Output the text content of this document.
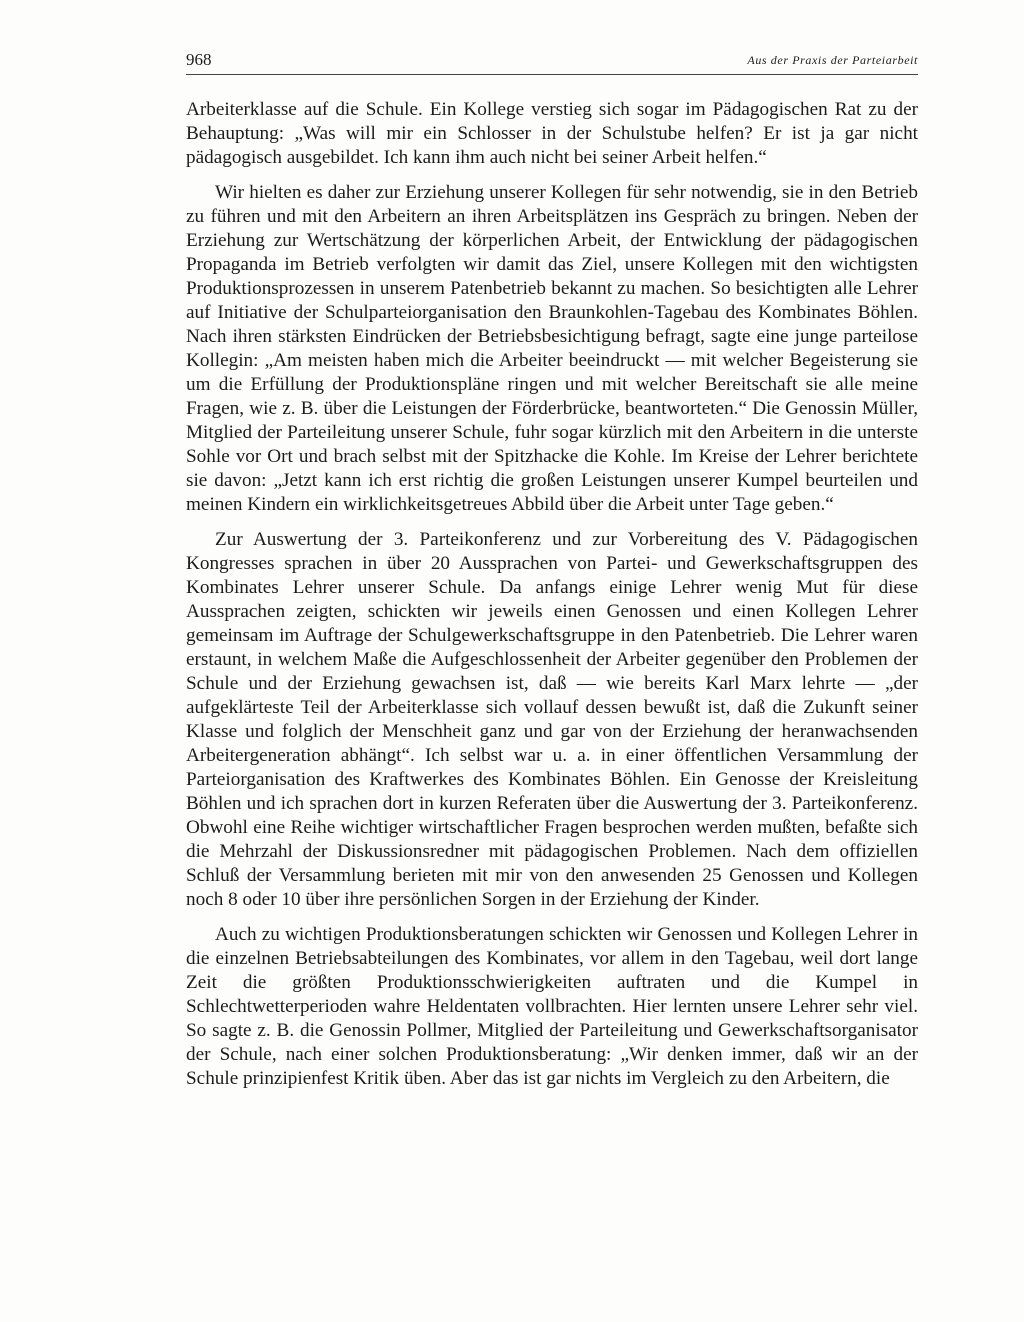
968	Aus der Praxis der Parteiarbeit

Arbeiterklasse auf die Schule. Ein Kollege verstieg sich sogar im Pädagogischen Rat zu der Behauptung: „Was will mir ein Schlosser in der Schulstube helfen? Er ist ja gar nicht pädagogisch ausgebildet. Ich kann ihm auch nicht bei seiner Arbeit helfen.“

Wir hielten es daher zur Erziehung unserer Kollegen für sehr notwendig, sie in den Betrieb zu führen und mit den Arbeitern an ihren Arbeitsplätzen ins Gespräch zu bringen. Neben der Erziehung zur Wertschätzung der körperlichen Arbeit, der Entwicklung der pädagogischen Propaganda im Betrieb verfolgten wir damit das Ziel, unsere Kollegen mit den wichtigsten Produktionsprozessen in unserem Patenbetrieb bekannt zu machen. So besichtigten alle Lehrer auf Initiative der Schulparteiorganisation den Braunkohlen-Tagebau des Kombinates Böhlen. Nach ihren stärksten Eindrücken der Betriebsbesichtigung befragt, sagte eine junge parteilose Kollegin: „Am meisten haben mich die Arbeiter beeindruckt — mit welcher Begeisterung sie um die Erfüllung der Produktionspläne ringen und mit welcher Bereitschaft sie alle meine Fragen, wie z. B. über die Leistungen der Förderbrücke, beantworteten.“ Die Genossin Müller, Mitglied der Parteileitung unserer Schule, fuhr sogar kürzlich mit den Arbeitern in die unterste Sohle vor Ort und brach selbst mit der Spitzhacke die Kohle. Im Kreise der Lehrer berichtete sie davon: „Jetzt kann ich erst richtig die großen Leistungen unserer Kumpel beurteilen und meinen Kindern ein wirklichkeitsgetreues Abbild über die Arbeit unter Tage geben.“

Zur Auswertung der 3. Parteikonferenz und zur Vorbereitung des V. Pädagogischen Kongresses sprachen in über 20 Aussprachen von Partei- und Gewerkschaftsgruppen des Kombinates Lehrer unserer Schule. Da anfangs einige Lehrer wenig Mut für diese Aussprachen zeigten, schickten wir jeweils einen Genossen und einen Kollegen Lehrer gemeinsam im Auftrage der Schulgewerkschaftsgruppe in den Patenbetrieb. Die Lehrer waren erstaunt, in welchem Maße die Aufgeschlossenheit der Arbeiter gegenüber den Problemen der Schule und der Erziehung gewachsen ist, daß — wie bereits Karl Marx lehrte — „der aufgeklärteste Teil der Arbeiterklasse sich vollauf dessen bewußt ist, daß die Zukunft seiner Klasse und folglich der Menschheit ganz und gar von der Erziehung der heranwachsenden Arbeitergeneration abhängt“. Ich selbst war u. a. in einer öffentlichen Versammlung der Parteiorganisation des Kraftwerkes des Kombinates Böhlen. Ein Genosse der Kreisleitung Böhlen und ich sprachen dort in kurzen Referaten über die Auswertung der 3. Parteikonferenz. Obwohl eine Reihe wichtiger wirtschaftlicher Fragen besprochen werden mußten, befaßte sich die Mehrzahl der Diskussionsredner mit pädagogischen Problemen. Nach dem offiziellen Schluß der Versammlung berieten mit mir von den anwesenden 25 Genossen und Kollegen noch 8 oder 10 über ihre persönlichen Sorgen in der Erziehung der Kinder.

Auch zu wichtigen Produktionsberatungen schickten wir Genossen und Kollegen Lehrer in die einzelnen Betriebsabteilungen des Kombinates, vor allem in den Tagebau, weil dort lange Zeit die größten Produktionsschwierigkeiten auftraten und die Kumpel in Schlechtwetterperioden wahre Heldentaten vollbrachten. Hier lernten unsere Lehrer sehr viel. So sagte z. B. die Genossin Pollmer, Mitglied der Parteileitung und Gewerkschaftsorganisator der Schule, nach einer solchen Produktionsberatung: „Wir denken immer, daß wir an der Schule prinzipienfest Kritik üben. Aber das ist gar nichts im Vergleich zu den Arbeitern, die
